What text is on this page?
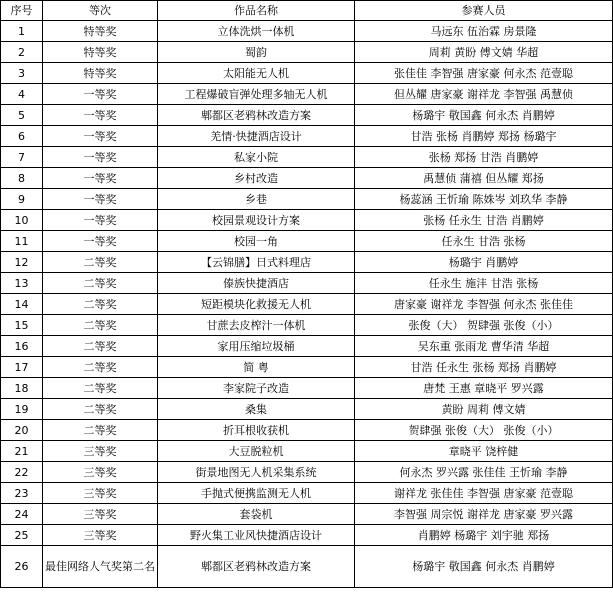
序号	等次	作品名称	参赛人员
1	特等奖	立体洗烘一体机	马远东 伍治霖 房景隆
2	特等奖	蜀韵	周莉 黄盼 傅文婧 华超
3	特等奖	太阳能无人机	张佳佳 李智强 唐家豪 何永杰 范壹聪
4	一等奖	工程爆破盲弹处理多轴无人机	但丛耀 唐家豪 谢祥龙 李智强 禹慧侦
5	一等奖	郫都区老鸦林改造方案	杨璐宇 敬国鑫 何永杰 肖鹏婷
6	一等奖	羌情·快捷酒店设计	甘浩 张杨 肖鹏婷 郑扬 杨璐宇
7	一等奖	私家小院	张杨 郑扬 甘浩 肖鹏婷
8	一等奖	乡村改造	禹慧侦 蒲禧 但丛耀 郑扬
9	一等奖	乡巷	杨蕊涵 王忻瑜 陈姝岑 刘玖华 李静
10	一等奖	校园景观设计方案	张杨 任永生 甘浩 肖鹏婷
11	一等奖	校园一角	任永生 甘浩 张杨
12	二等奖	【云锦膳】日式料理店	杨璐宇 肖鹏婷
13	二等奖	傣族快捷酒店	任永生 施沣 甘浩 张杨
14	二等奖	短距模块化救援无人机	唐家豪 谢祥龙 李智强 何永杰 张佳佳
15	二等奖	甘蔗去皮榨汁一体机	张俊（大） 贺肆强 张俊（小）
16	二等奖	家用压缩垃圾桶	吴东重 张雨龙 曹华清 华超
17	二等奖	简 粤	甘浩 任永生 张杨 郑扬 肖鹏婷
18	二等奖	李家院子改造	唐梵 王惠 章晓平 罗兴露
19	二等奖	桑集	黄盼 周莉 傅文婧
20	二等奖	折耳根收获机	贺肆强 张俊（大） 张俊（小）
21	三等奖	大豆脱粒机	章晓平 饶梓健
22	三等奖	街景地图无人机采集系统	何永杰 罗兴露 张佳佳 王忻瑜 李静
23	三等奖	手抛式便携监测无人机	谢祥龙 张佳佳 李智强 唐家豪 范壹聪
24	三等奖	套袋机	李智强 周宗悦 谢祥龙 唐家豪 罗兴露
25	三等奖	野火集工业风快捷酒店设计	肖鹏婷 杨璐宇 刘宇驰 郑扬
26	最佳网络人气奖第二名	郫都区老鸦林改造方案	杨璐宇 敬国鑫 何永杰 肖鹏婷
